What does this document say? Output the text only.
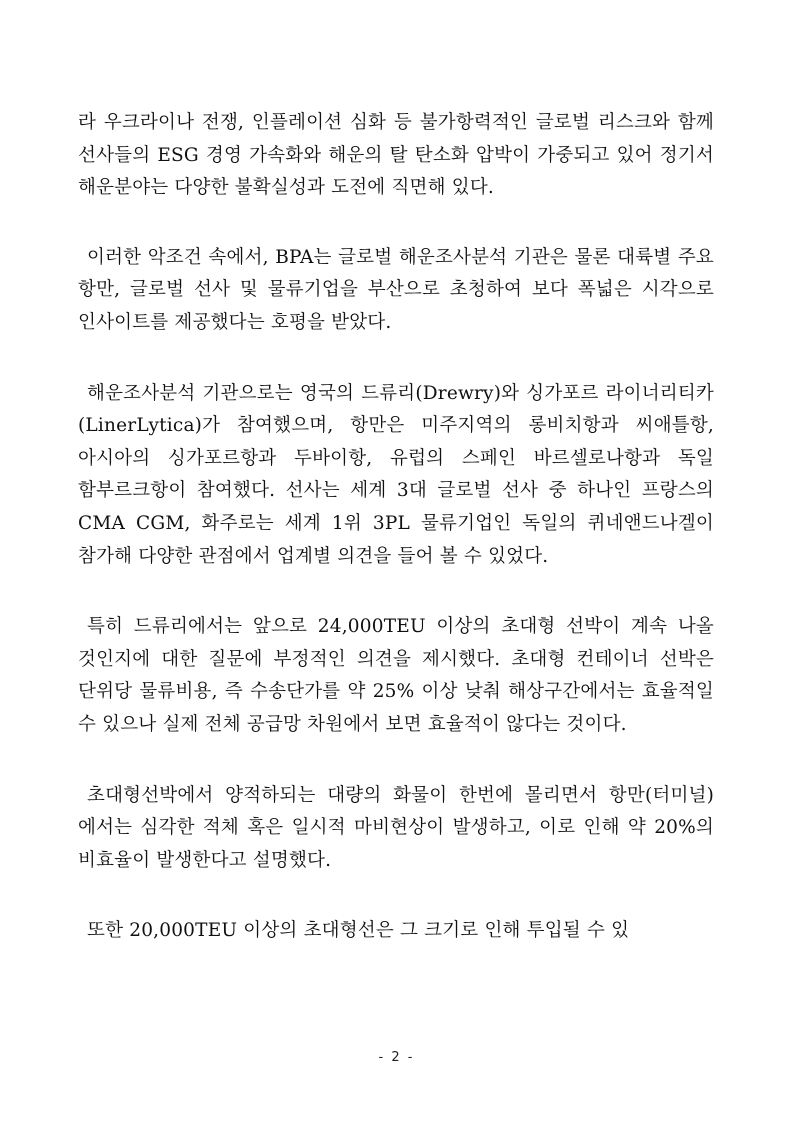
라 우크라이나 전쟁, 인플레이션 심화 등 불가항력적인 글로벌 리스크와 함께 선사들의 ESG 경영 가속화와 해운의 탈 탄소화 압박이 가중되고 있어 정기서 해운분야는 다양한 불확실성과 도전에 직면해 있다.

이러한 악조건 속에서, BPA는 글로벌 해운조사분석 기관은 물론 대륙별 주요 항만, 글로벌 선사 및 물류기업을 부산으로 초청하여 보다 폭넓은 시각으로 인사이트를 제공했다는 호평을 받았다.

해운조사분석 기관으로는 영국의 드류리(Drewry)와 싱가포르 라이너리티카(LinerLytica)가 참여했으며, 항만은 미주지역의 롱비치항과 씨애틀항, 아시아의 싱가포르항과 두바이항, 유럽의 스페인 바르셀로나항과 독일 함부르크항이 참여했다. 선사는 세계 3대 글로벌 선사 중 하나인 프랑스의 CMA CGM, 화주로는 세계 1위 3PL 물류기업인 독일의 퀴네앤드나겔이 참가해 다양한 관점에서 업계별 의견을 들어 볼 수 있었다.

특히 드류리에서는 앞으로 24,000TEU 이상의 초대형 선박이 계속 나올 것인지에 대한 질문에 부정적인 의견을 제시했다. 초대형 컨테이너 선박은 단위당 물류비용, 즉 수송단가를 약 25% 이상 낮춰 해상구간에서는 효율적일 수 있으나 실제 전체 공급망 차원에서 보면 효율적이 않다는 것이다.

초대형선박에서 양적하되는 대량의 화물이 한번에 몰리면서 항만(터미널)에서는 심각한 적체 혹은 일시적 마비현상이 발생하고, 이로 인해 약 20%의 비효율이 발생한다고 설명했다.

또한 20,000TEU 이상의 초대형선은 그 크기로 인해 투입될 수 있

- 2 -
